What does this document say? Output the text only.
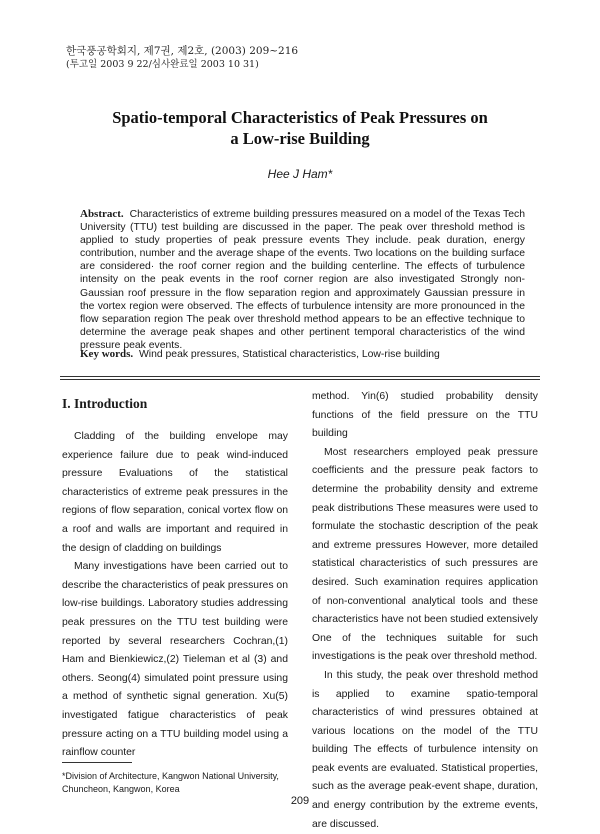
한국풍공학회지, 제7권, 제2호, (2003) 209~216
(투고일 2003 9 22/심사완료일 2003 10 31)
Spatio-temporal Characteristics of Peak Pressures on
a Low-rise Building
Hee J Ham*
Abstract. Characteristics of extreme building pressures measured on a model of the Texas Tech University (TTU) test building are discussed in the paper. The peak over threshold method is applied to study properties of peak pressure events They include. peak duration, energy contribution, number and the average shape of the events. Two locations on the building surface are considered· the roof corner region and the building centerline. The effects of turbulence intensity on the peak events in the roof corner region are also investigated Strongly non-Gaussian roof pressure in the flow separation region and approximately Gaussian pressure in the vortex region were observed. The effects of turbulence intensity are more pronounced in the flow separation region The peak over threshold method appears to be an effective technique to determine the average peak shapes and other pertinent temporal characteristics of the wind pressure peak events.
Key words. Wind peak pressures, Statistical characteristics, Low-rise building
I. Introduction

Cladding of the building envelope may experience failure due to peak wind-induced pressure Evaluations of the statistical characteristics of extreme peak pressures in the regions of flow separation, conical vortex flow on a roof and walls are important and required in the design of cladding on buildings

Many investigations have been carried out to describe the characteristics of peak pressures on low-rise buildings. Laboratory studies addressing peak pressures on the TTU test building were reported by several researchers Cochran,(1) Ham and Bienkiewicz,(2) Tieleman et al (3) and others. Seong(4) simulated point pressure using a method of synthetic signal generation. Xu(5) investigated fatigue characteristics of peak pressure acting on a TTU building model using a rainflow counter

method. Yin(6) studied probability density functions of the field pressure on the TTU building

Most researchers employed peak pressure coefficients and the pressure peak factors to determine the probability density and extreme peak distributions These measures were used to formulate the stochastic description of the peak and extreme pressures However, more detailed statistical characteristics of such pressures are desired. Such examination requires application of non-conventional analytical tools and these characteristics have not been studied extensively One of the techniques suitable for such investigations is the peak over threshold method.

In this study, the peak over threshold method is applied to examine spatio-temporal characteristics of wind pressures obtained at various locations on the model of the TTU building The effects of turbulence intensity on peak events are evaluated. Statistical properties, such as the average peak-event shape, duration, and energy contribution by the extreme events, are discussed.

*Division of Architecture, Kangwon National University, Chuncheon, Kangwon, Korea
209
